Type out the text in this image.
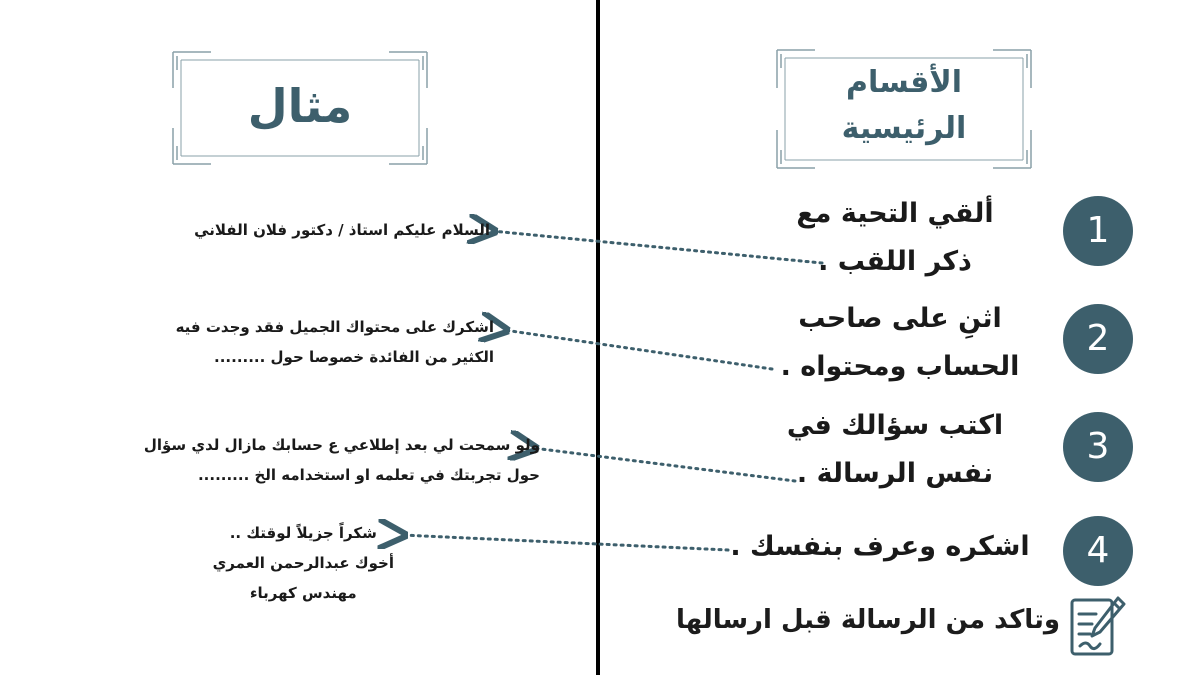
الأقسام
الرئيسية
مثال
1
ألقي التحية مع
ذكر اللقب .
2
اثنِ على صاحب
الحساب ومحتواه .
3
اكتب سؤالك في
نفس الرسالة .
4
اشكره وعرف بنفسك .
السلام عليكم استاذ / دكتور فلان الفلاني
اشكرك على محتواك الجميل فقد وجدت فيه
الكثير من الفائدة خصوصا حول .........
ولو سمحت لي بعد إطلاعي ع حسابك مازال لدي سؤال
حول تجربتك في تعلمه او استخدامه الخ .........
شكراً جزيلاً لوقتك ..
أخوك عبدالرحمن العمري
مهندس كهرباء
وتاكد من الرسالة قبل ارسالها
